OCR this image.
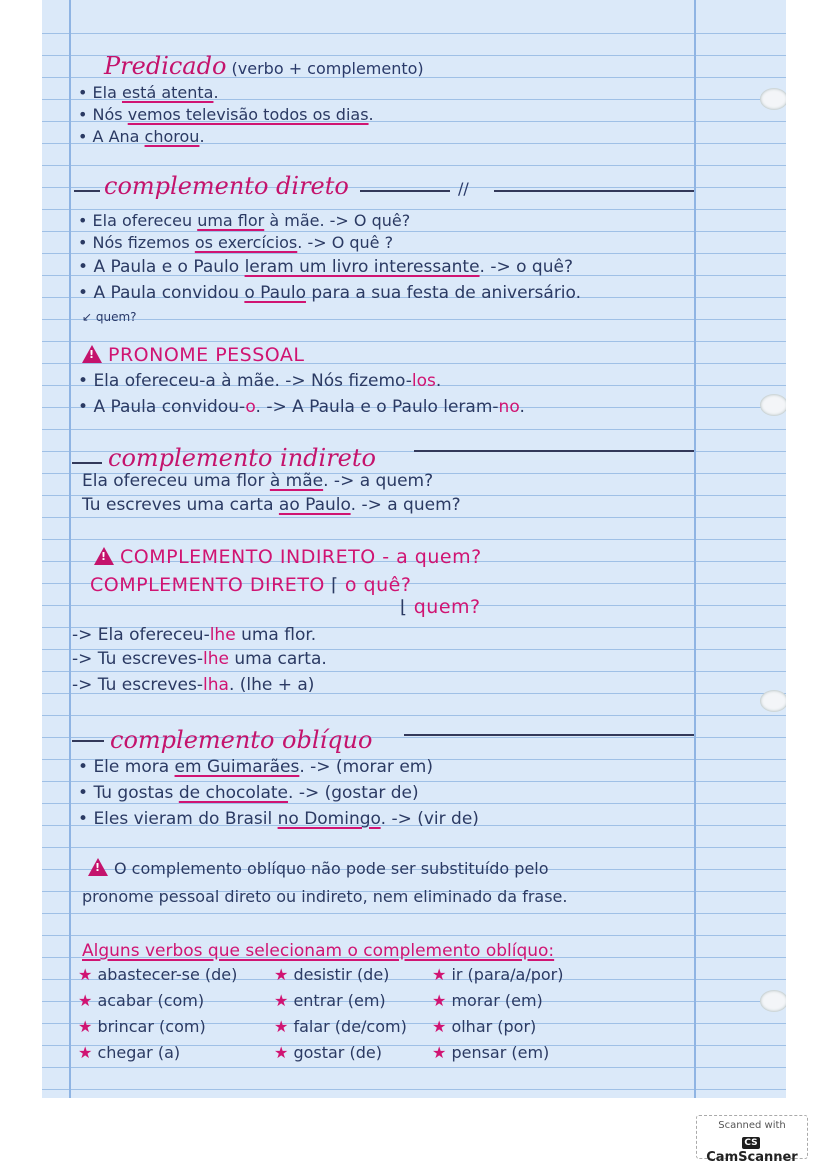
Predicado (verbo + complemento)
• Ela está atenta.
• Nós vemos televisão todos os dias.
• A Ana chorou.
complemento direto	//
• Ela ofereceu uma flor à mãe. -> O quê?
• Nós fizemos os exercícios. -> O quê ?
• A Paula e o Paulo leram um livro interessante. -> o quê?
• A Paula convidou o Paulo para a sua festa de aniversário.
↙ quem?
!PRONOME PESSOAL
• Ela ofereceu-a à mãe. -> Nós fizemo-los.
• A Paula convidou-o. -> A Paula e o Paulo leram-no.
complemento indireto
Ela ofereceu uma flor à mãe. -> a quem?
Tu escreves uma carta ao Paulo. -> a quem?
!COMPLEMENTO INDIRETO - a quem?
COMPLEMENTO DIRETO ⌈ o quê?
⌊ quem?
-> Ela ofereceu-lhe uma flor.
-> Tu escreves-lhe uma carta.
-> Tu escreves-lha. (lhe + a)
complemento oblíquo
• Ele mora em Guimarães. -> (morar em)
• Tu gostas de chocolate. -> (gostar de)
• Eles vieram do Brasil no Domingo. -> (vir de)
!O complemento oblíquo não pode ser substituído pelo
pronome pessoal direto ou indireto, nem eliminado da frase.
Alguns verbos que selecionam o complemento oblíquo:
★ abastecer-se (de)
★ acabar (com)
★ brincar (com)
★ chegar (a)
★ desistir (de)
★ entrar (em)
★ falar (de/com)
★ gostar (de)
★ ir (para/a/por)
★ morar (em)
★ olhar (por)
★ pensar (em)
Scanned with
CSCamScanner
